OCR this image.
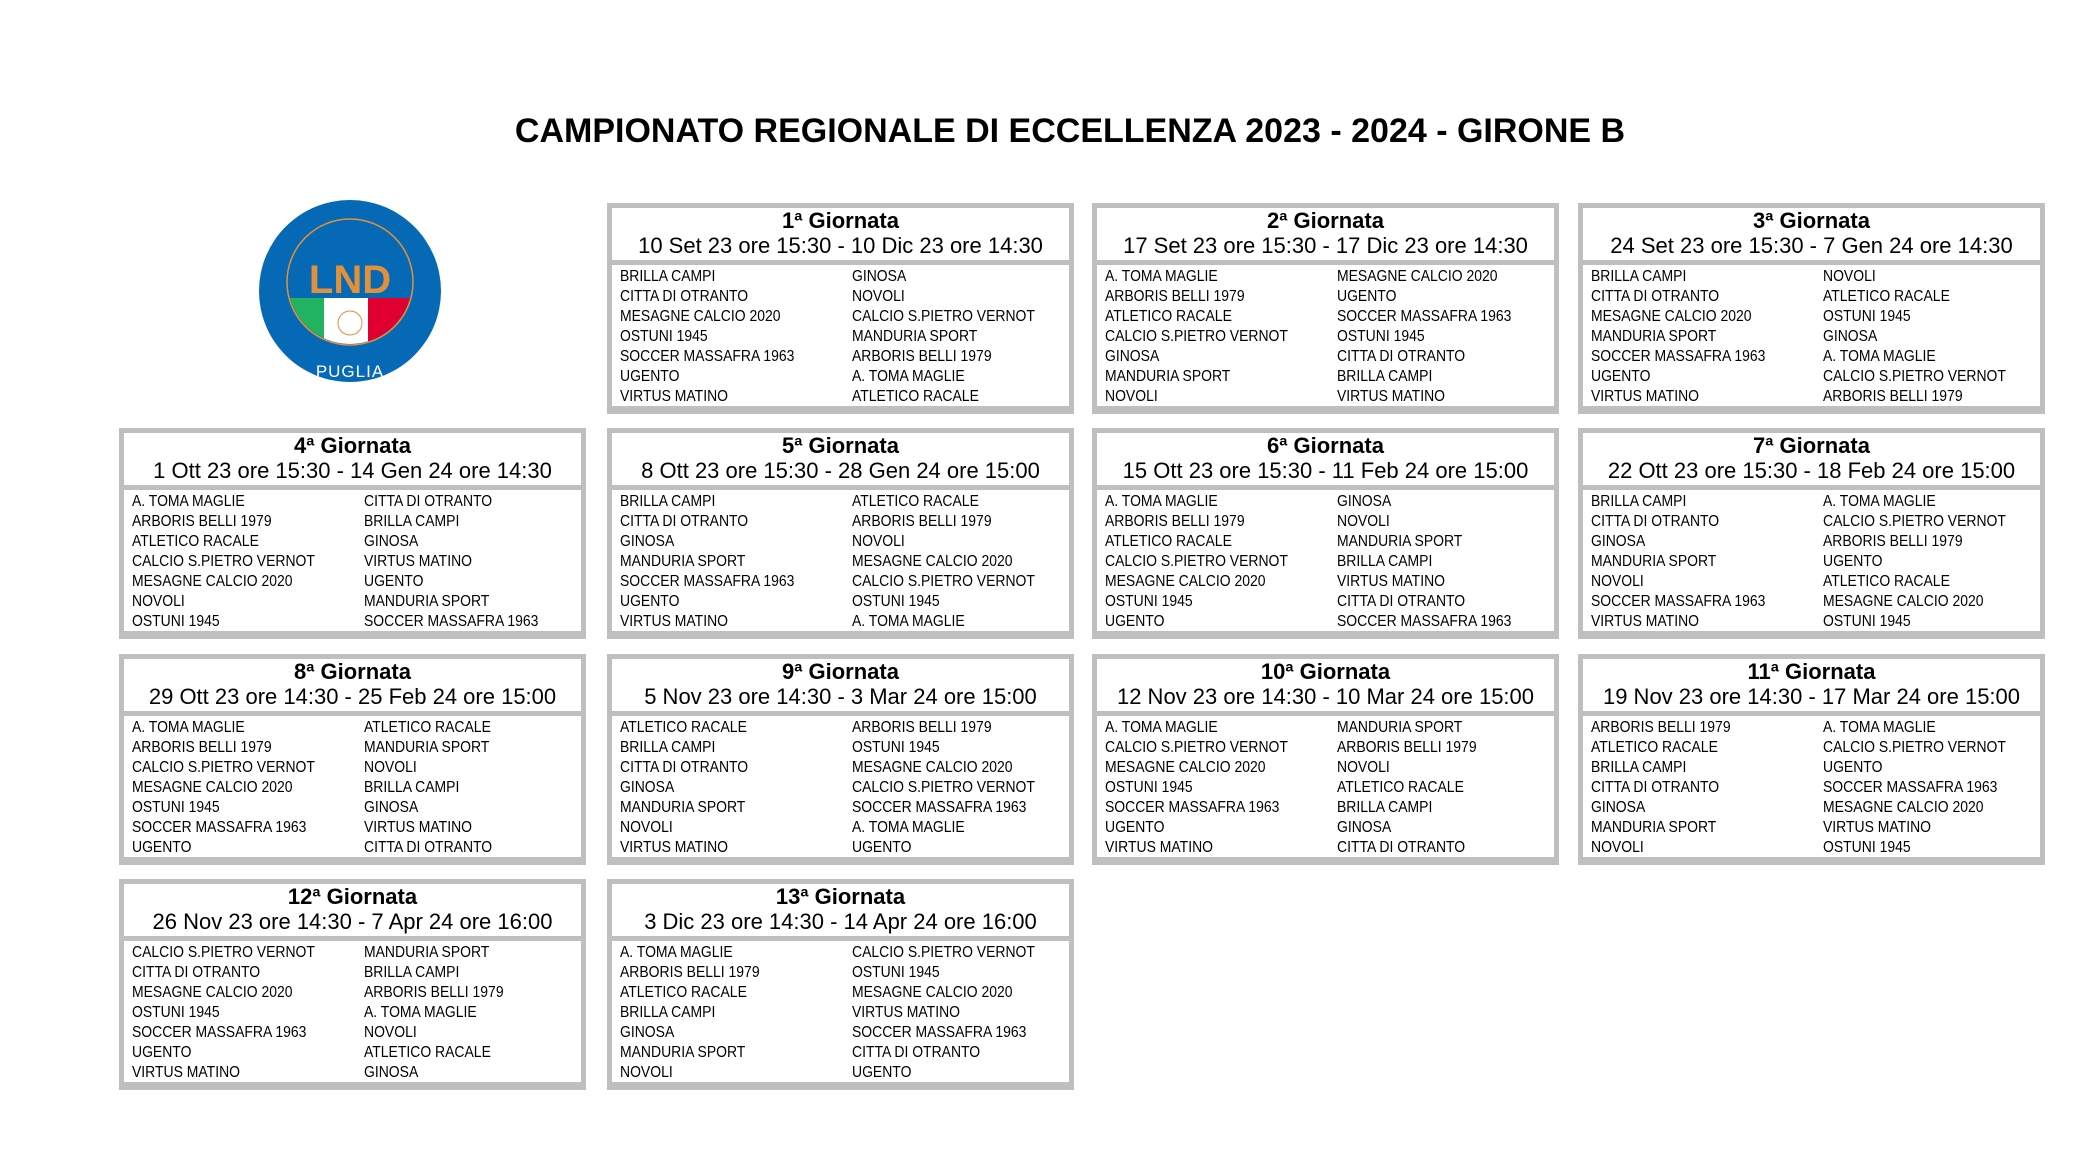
CAMPIONATO REGIONALE DI ECCELLENZA 2023 - 2024 - GIRONE B
LND
PUGLIA
1ª Giornata
10 Set 23 ore 15:30 - 10 Dic 23 ore 14:30
BRILLA CAMPI	GINOSA
CITTA DI OTRANTO	NOVOLI
MESAGNE CALCIO 2020	CALCIO S.PIETRO VERNOT
OSTUNI 1945	MANDURIA SPORT
SOCCER MASSAFRA 1963	ARBORIS BELLI 1979
UGENTO	A. TOMA MAGLIE
VIRTUS MATINO	ATLETICO RACALE
2ª Giornata
17 Set 23 ore 15:30 - 17 Dic 23 ore 14:30
A. TOMA MAGLIE	MESAGNE CALCIO 2020
ARBORIS BELLI 1979	UGENTO
ATLETICO RACALE	SOCCER MASSAFRA 1963
CALCIO S.PIETRO VERNOT	OSTUNI 1945
GINOSA	CITTA DI OTRANTO
MANDURIA SPORT	BRILLA CAMPI
NOVOLI	VIRTUS MATINO
3ª Giornata
24 Set 23 ore 15:30 - 7 Gen 24 ore 14:30
BRILLA CAMPI	NOVOLI
CITTA DI OTRANTO	ATLETICO RACALE
MESAGNE CALCIO 2020	OSTUNI 1945
MANDURIA SPORT	GINOSA
SOCCER MASSAFRA 1963	A. TOMA MAGLIE
UGENTO	CALCIO S.PIETRO VERNOT
VIRTUS MATINO	ARBORIS BELLI 1979
4ª Giornata
1 Ott 23 ore 15:30 - 14 Gen 24 ore 14:30
A. TOMA MAGLIE	CITTA DI OTRANTO
ARBORIS BELLI 1979	BRILLA CAMPI
ATLETICO RACALE	GINOSA
CALCIO S.PIETRO VERNOT	VIRTUS MATINO
MESAGNE CALCIO 2020	UGENTO
NOVOLI	MANDURIA SPORT
OSTUNI 1945	SOCCER MASSAFRA 1963
5ª Giornata
8 Ott 23 ore 15:30 - 28 Gen 24 ore 15:00
BRILLA CAMPI	ATLETICO RACALE
CITTA DI OTRANTO	ARBORIS BELLI 1979
GINOSA	NOVOLI
MANDURIA SPORT	MESAGNE CALCIO 2020
SOCCER MASSAFRA 1963	CALCIO S.PIETRO VERNOT
UGENTO	OSTUNI 1945
VIRTUS MATINO	A. TOMA MAGLIE
6ª Giornata
15 Ott 23 ore 15:30 - 11 Feb 24 ore 15:00
A. TOMA MAGLIE	GINOSA
ARBORIS BELLI 1979	NOVOLI
ATLETICO RACALE	MANDURIA SPORT
CALCIO S.PIETRO VERNOT	BRILLA CAMPI
MESAGNE CALCIO 2020	VIRTUS MATINO
OSTUNI 1945	CITTA DI OTRANTO
UGENTO	SOCCER MASSAFRA 1963
7ª Giornata
22 Ott 23 ore 15:30 - 18 Feb 24 ore 15:00
BRILLA CAMPI	A. TOMA MAGLIE
CITTA DI OTRANTO	CALCIO S.PIETRO VERNOT
GINOSA	ARBORIS BELLI 1979
MANDURIA SPORT	UGENTO
NOVOLI	ATLETICO RACALE
SOCCER MASSAFRA 1963	MESAGNE CALCIO 2020
VIRTUS MATINO	OSTUNI 1945
8ª Giornata
29 Ott 23 ore 14:30 - 25 Feb 24 ore 15:00
A. TOMA MAGLIE	ATLETICO RACALE
ARBORIS BELLI 1979	MANDURIA SPORT
CALCIO S.PIETRO VERNOT	NOVOLI
MESAGNE CALCIO 2020	BRILLA CAMPI
OSTUNI 1945	GINOSA
SOCCER MASSAFRA 1963	VIRTUS MATINO
UGENTO	CITTA DI OTRANTO
9ª Giornata
5 Nov 23 ore 14:30 - 3 Mar 24 ore 15:00
ATLETICO RACALE	ARBORIS BELLI 1979
BRILLA CAMPI	OSTUNI 1945
CITTA DI OTRANTO	MESAGNE CALCIO 2020
GINOSA	CALCIO S.PIETRO VERNOT
MANDURIA SPORT	SOCCER MASSAFRA 1963
NOVOLI	A. TOMA MAGLIE
VIRTUS MATINO	UGENTO
10ª Giornata
12 Nov 23 ore 14:30 - 10 Mar 24 ore 15:00
A. TOMA MAGLIE	MANDURIA SPORT
CALCIO S.PIETRO VERNOT	ARBORIS BELLI 1979
MESAGNE CALCIO 2020	NOVOLI
OSTUNI 1945	ATLETICO RACALE
SOCCER MASSAFRA 1963	BRILLA CAMPI
UGENTO	GINOSA
VIRTUS MATINO	CITTA DI OTRANTO
11ª Giornata
19 Nov 23 ore 14:30 - 17 Mar 24 ore 15:00
ARBORIS BELLI 1979	A. TOMA MAGLIE
ATLETICO RACALE	CALCIO S.PIETRO VERNOT
BRILLA CAMPI	UGENTO
CITTA DI OTRANTO	SOCCER MASSAFRA 1963
GINOSA	MESAGNE CALCIO 2020
MANDURIA SPORT	VIRTUS MATINO
NOVOLI	OSTUNI 1945
12ª Giornata
26 Nov 23 ore 14:30 - 7 Apr 24 ore 16:00
CALCIO S.PIETRO VERNOT	MANDURIA SPORT
CITTA DI OTRANTO	BRILLA CAMPI
MESAGNE CALCIO 2020	ARBORIS BELLI 1979
OSTUNI 1945	A. TOMA MAGLIE
SOCCER MASSAFRA 1963	NOVOLI
UGENTO	ATLETICO RACALE
VIRTUS MATINO	GINOSA
13ª Giornata
3 Dic 23 ore 14:30 - 14 Apr 24 ore 16:00
A. TOMA MAGLIE	CALCIO S.PIETRO VERNOT
ARBORIS BELLI 1979	OSTUNI 1945
ATLETICO RACALE	MESAGNE CALCIO 2020
BRILLA CAMPI	VIRTUS MATINO
GINOSA	SOCCER MASSAFRA 1963
MANDURIA SPORT	CITTA DI OTRANTO
NOVOLI	UGENTO
